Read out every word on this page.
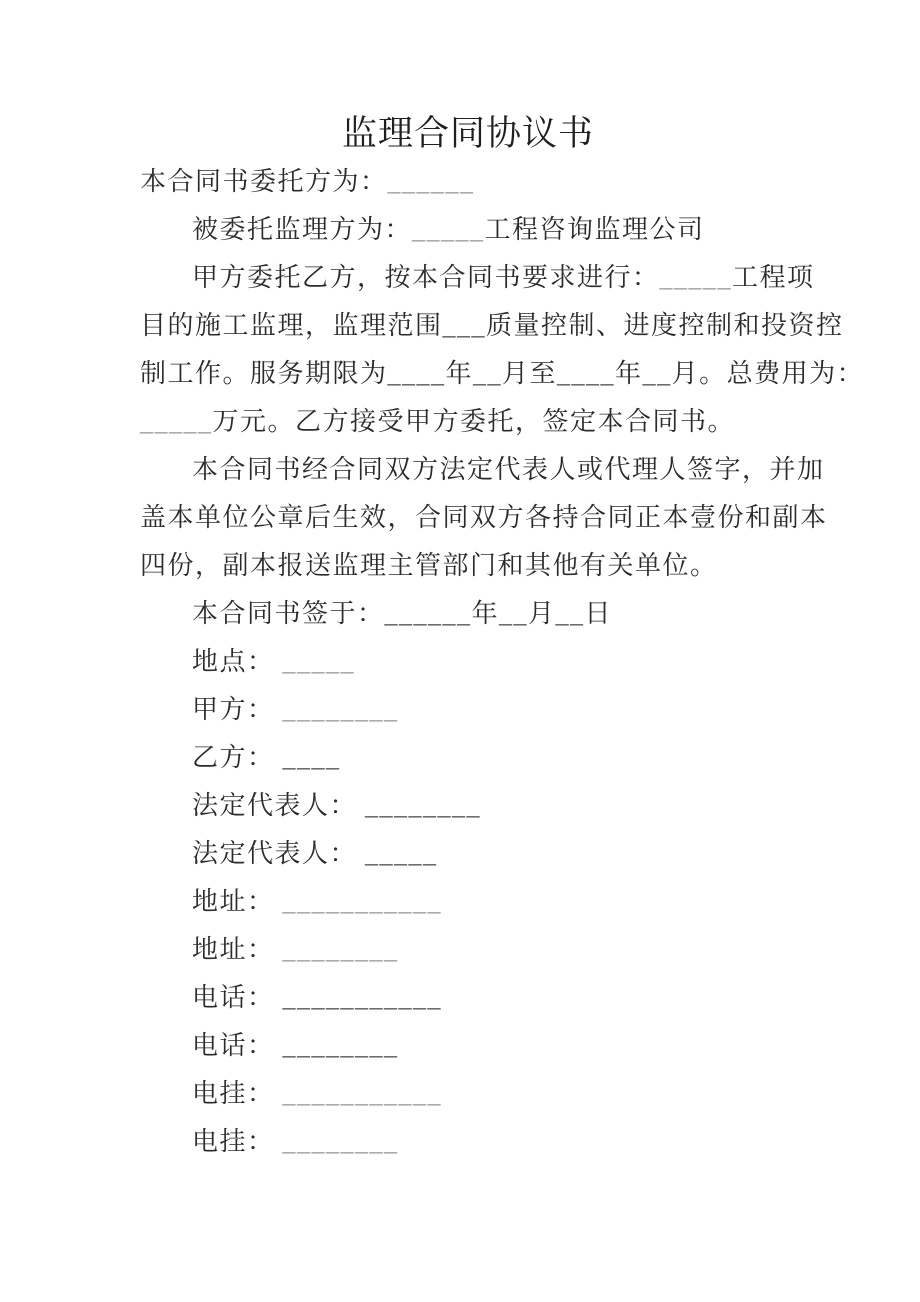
监理合同协议书
本合同书委托方为：______
被委托监理方为：_____工程咨询监理公司
甲方委托乙方，按本合同书要求进行：_____工程项
目的施工监理，监理范围___质量控制、进度控制和投资控
制工作。服务期限为____年__月至____年__月。总费用为：
_____万元。乙方接受甲方委托，签定本合同书。
本合同书经合同双方法定代表人或代理人签字，并加
盖本单位公章后生效，合同双方各持合同正本壹份和副本
四份，副本报送监理主管部门和其他有关单位。
本合同书签于：______年__月__日
地点： _____
甲方： ________
乙方： ____
法定代表人： ________
法定代表人： _____
地址： ___________
地址： ________
电话： ___________
电话： ________
电挂： ___________
电挂： ________
